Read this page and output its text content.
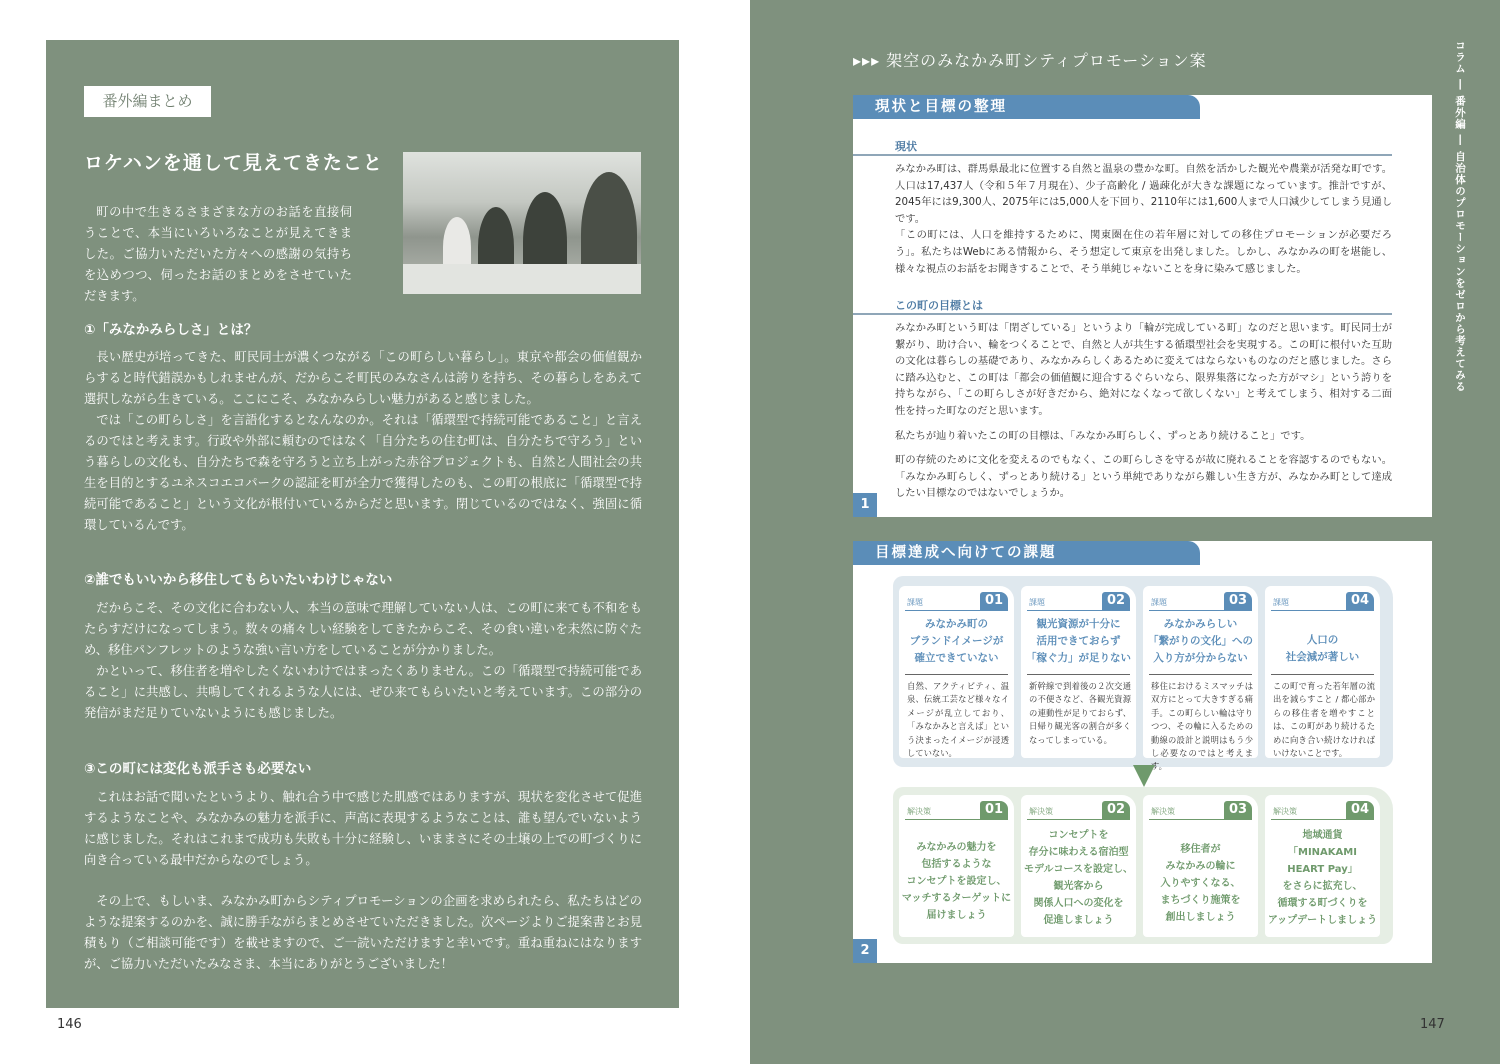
番外編まとめ
ロケハンを通して見えてきたこと
町の中で生きるさまざまな方のお話を直接伺うことで、本当にいろいろなことが見えてきました。ご協力いただいた方々への感謝の気持ちを込めつつ、伺ったお話のまとめをさせていただきます。
①「みなかみらしさ」とは？

長い歴史が培ってきた、町民同士が濃くつながる「この町らしい暮らし」。東京や都会の価値観からすると時代錯誤かもしれませんが、だからこそ町民のみなさんは誇りを持ち、その暮らしをあえて選択しながら生きている。ここにこそ、みなかみらしい魅力があると感じました。

では「この町らしさ」を言語化するとなんなのか。それは「循環型で持続可能であること」と言えるのではと考えます。行政や外部に頼むのではなく「自分たちの住む町は、自分たちで守ろう」という暮らしの文化も、自分たちで森を守ろうと立ち上がった赤谷プロジェクトも、自然と人間社会の共生を目的とするユネスコエコパークの認証を町が全力で獲得したのも、この町の根底に「循環型で持続可能であること」という文化が根付いているからだと思います。閉じているのではなく、強固に循環しているんです。

②誰でもいいから移住してもらいたいわけじゃない

だからこそ、その文化に合わない人、本当の意味で理解していない人は、この町に来ても不和をもたらすだけになってしまう。数々の痛々しい経験をしてきたからこそ、その食い違いを未然に防ぐため、移住パンフレットのような強い言い方をしていることが分かりました。

かといって、移住者を増やしたくないわけではまったくありません。この「循環型で持続可能であること」に共感し、共鳴してくれるような人には、ぜひ来てもらいたいと考えています。この部分の発信がまだ足りていないようにも感じました。

③この町には変化も派手さも必要ない

これはお話で聞いたというより、触れ合う中で感じた肌感ではありますが、現状を変化させて促進するようなことや、みなかみの魅力を派手に、声高に表現するようなことは、誰も望んでいないように感じました。それはこれまで成功も失敗も十分に経験し、いままさにその土壌の上での町づくりに向き合っている最中だからなのでしょう。

その上で、もしいま、みなかみ町からシティプロモーションの企画を求められたら、私たちはどのような提案するのかを、誠に勝手ながらまとめさせていただきました。次ページよりご提案書とお見積もり（ご相談可能です）を載せますので、ご一読いただけますと幸いです。重ね重ねにはなりますが、ご協力いただいたみなさま、本当にありがとうございました！

146
▸▸▸ 架空のみなかみ町シティプロモーション案	コラム ― 番外編 ― 自治体のプロモーションをゼロから考えてみる
現状と目標の整理
現状

みなかみ町は、群馬県最北に位置する自然と温泉の豊かな町。自然を活かした観光や農業が活発な町です。人口は17,437人（令和５年７月現在）、少子高齢化 / 過疎化が大きな課題になっています。推計ですが、2045年には9,300人、2075年には5,000人を下回り、2110年には1,600人まで人口減少してしまう見通しです。

「この町には、人口を維持するために、関東圏在住の若年層に対しての移住プロモーションが必要だろう」。私たちはWebにある情報から、そう想定して東京を出発しました。しかし、みなかみの町を堪能し、様々な視点のお話をお聞きすることで、そう単純じゃないことを身に染みて感じました。

この町の目標とは

みなかみ町という町は「閉ざしている」というより「輪が完成している町」なのだと思います。町民同士が繋がり、助け合い、輪をつくることで、自然と人が共生する循環型社会を実現する。この町に根付いた互助の文化は暮らしの基礎であり、みなかみらしくあるために変えてはならないものなのだと感じました。さらに踏み込むと、この町は「都会の価値観に迎合するぐらいなら、限界集落になった方がマシ」という誇りを持ちながら、「この町らしさが好きだから、絶対になくなって欲しくない」と考えてしまう、相対する二面性を持った町なのだと思います。

私たちが辿り着いたこの町の目標は、「みなかみ町らしく、ずっとあり続けること」です。

町の存続のために文化を変えるのでもなく、この町らしさを守るが故に廃れることを容認するのでもない。「みなかみ町らしく、ずっとあり続ける」という単純でありながら難しい生き方が、みなかみ町として達成したい目標なのではないでしょうか。

1
目標達成へ向けての課題
課題	01
みなかみ町の
ブランドイメージが
確立できていない
自然、アクティビティ、温泉、伝統工芸など様々なイメージが乱立しており、「みなかみと言えば」という決まったイメージが浸透していない。
課題	02
観光資源が十分に
活用できておらず
「稼ぐ力」が足りない
新幹線で到着後の２次交通の不便さなど、各観光資源の連動性が足りておらず、日帰り観光客の割合が多くなってしまっている。
課題	03
みなかみらしい
「繋がりの文化」への
入り方が分からない
移住におけるミスマッチは双方にとって大きすぎる痛手。この町らしい輪は守りつつ、その輪に入るための動線の設計と説明はもう少し必要なのではと考えます。
課題	04
人口の
社会減が著しい
この町で育った若年層の流出を減らすこと / 都心部からの移住者を増やすことは、この町があり続けるために向き合い続けなければいけないことです。
解決策	01
みなかみの魅力を
包括するような
コンセプトを設定し、
マッチするターゲットに
届けましょう
解決策	02
コンセプトを
存分に味わえる宿泊型
モデルコースを設定し、
観光客から
関係人口への変化を
促進しましょう
解決策	03
移住者が
みなかみの輪に
入りやすくなる、
まちづくり施策を
創出しましょう
解決策	04
地域通貨
「MINAKAMI
HEART Pay」
をさらに拡充し、
循環する町づくりを
アップデートしましょう
2
147
